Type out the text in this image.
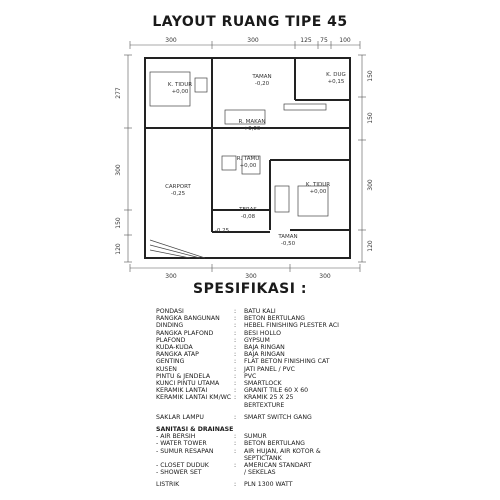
LAYOUT RUANG TIPE 45
300	300	125 75 100
300	300	300
277
300
150
120
150
150
300
120
K. TIDUR
+0,00
TAMAN
-0,20
K. DUG
+0,15
R. MAKAN
+0,00
R. TAMU
+0,00
CARPORT
-0,25
K. TIDUR
+0,00
TERAS
-0,08
TAMAN
-0,50
-0,25
SPESIFIKASI :
PONDASI	:	BATU KALI
RANGKA BANGUNAN	:	BETON BERTULANG
DINDING	:	HEBEL FINISHING PLESTER ACI
RANGKA PLAFOND	:	BESI HOLLO
PLAFOND	:	GYPSUM
KUDA-KUDA	:	BAJA RINGAN
RANGKA ATAP	:	BAJA RINGAN
GENTING	:	FLAT BETON FINISHING CAT
KUSEN	:	JATI PANEL / PVC
PINTU & JENDELA	:	PVC
KUNCI PINTU UTAMA	:	SMARTLOCK
KERAMIK LANTAI	:	GRANIT TILE 60 X 60
KERAMIK LANTAI KM/WC :	KRAMIK 25 X 25
BERTEXTURE
SAKLAR LAMPU	:	SMART SWITCH GANG
SANITASI & DRAINASE
- AIR BERSIH	:	SUMUR
- WATER TOWER	:	BETON BERTULANG
- SUMUR RESAPAN	:	AIR HUJAN, AIR KOTOR &
SEPTICTANK
- CLOSET DUDUK	:	AMERICAN STANDART
- SHOWER SET	/ SEKELAS
LISTRIK	:	PLN 1300 WATT
